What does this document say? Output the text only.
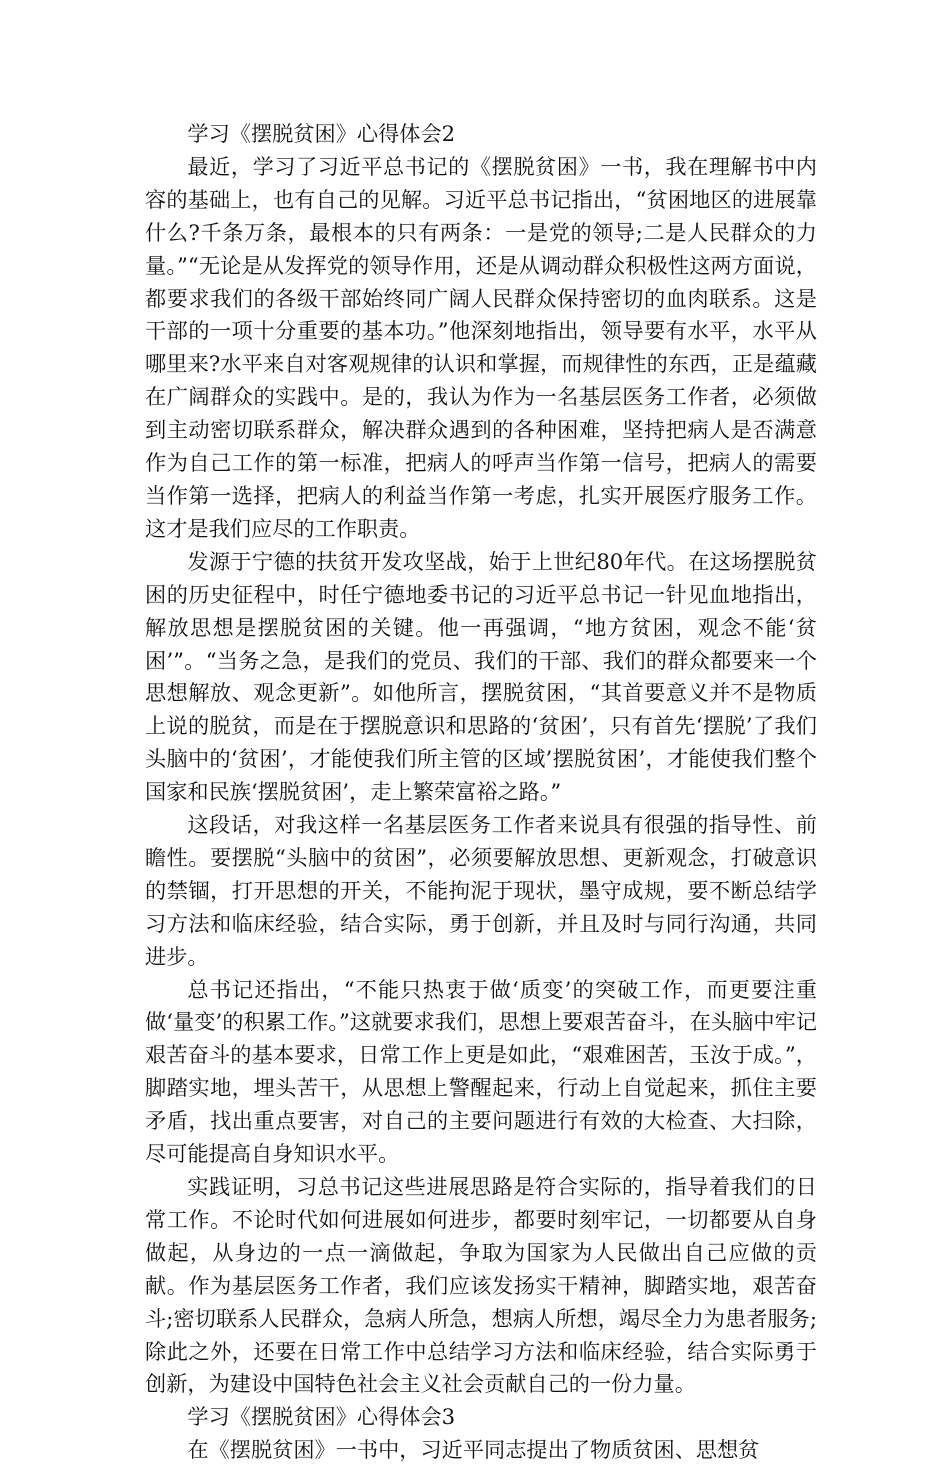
学习《摆脱贫困》心得体会2

最近，学习了习近平总书记的《摆脱贫困》一书，我在理解书中内容的基础上，也有自己的见解。习近平总书记指出，“贫困地区的进展靠什么?千条万条，最根本的只有两条：一是党的领导;二是人民群众的力量。”“无论是从发挥党的领导作用，还是从调动群众积极性这两方面说，都要求我们的各级干部始终同广阔人民群众保持密切的血肉联系。这是干部的一项十分重要的基本功。”他深刻地指出，领导要有水平，水平从哪里来?水平来自对客观规律的认识和掌握，而规律性的东西，正是蕴藏在广阔群众的实践中。是的，我认为作为一名基层医务工作者，必须做到主动密切联系群众，解决群众遇到的各种困难，坚持把病人是否满意作为自己工作的第一标准，把病人的呼声当作第一信号，把病人的需要当作第一选择，把病人的利益当作第一考虑，扎实开展医疗服务工作。这才是我们应尽的工作职责。

发源于宁德的扶贫开发攻坚战，始于上世纪80年代。在这场摆脱贫困的历史征程中，时任宁德地委书记的习近平总书记一针见血地指出，解放思想是摆脱贫困的关键。他一再强调，“地方贫困，观念不能‘贫困’”。“当务之急，是我们的党员、我们的干部、我们的群众都要来一个思想解放、观念更新”。如他所言，摆脱贫困，“其首要意义并不是物质上说的脱贫，而是在于摆脱意识和思路的‘贫困’，只有首先‘摆脱’了我们头脑中的‘贫困’，才能使我们所主管的区域’摆脱贫困’，才能使我们整个国家和民族‘摆脱贫困’，走上繁荣富裕之路。”

这段话，对我这样一名基层医务工作者来说具有很强的指导性、前瞻性。要摆脱“头脑中的贫困”，必须要解放思想、更新观念，打破意识的禁锢，打开思想的开关，不能拘泥于现状，墨守成规，要不断总结学习方法和临床经验，结合实际，勇于创新，并且及时与同行沟通，共同进步。

总书记还指出，“不能只热衷于做‘质变’的突破工作，而更要注重做‘量变’的积累工作。”这就要求我们，思想上要艰苦奋斗，在头脑中牢记艰苦奋斗的基本要求，日常工作上更是如此，“艰难困苦，玉汝于成。”，脚踏实地，埋头苦干，从思想上警醒起来，行动上自觉起来，抓住主要矛盾，找出重点要害，对自己的主要问题进行有效的大检查、大扫除，尽可能提高自身知识水平。

实践证明，习总书记这些进展思路是符合实际的，指导着我们的日常工作。不论时代如何进展如何进步，都要时刻牢记，一切都要从自身做起，从身边的一点一滴做起，争取为国家为人民做出自己应做的贡献。作为基层医务工作者，我们应该发扬实干精神，脚踏实地，艰苦奋斗;密切联系人民群众，急病人所急，想病人所想，竭尽全力为患者服务;除此之外，还要在日常工作中总结学习方法和临床经验，结合实际勇于创新，为建设中国特色社会主义社会贡献自己的一份力量。

学习《摆脱贫困》心得体会3

在《摆脱贫困》一书中，习近平同志提出了物质贫困、思想贫
